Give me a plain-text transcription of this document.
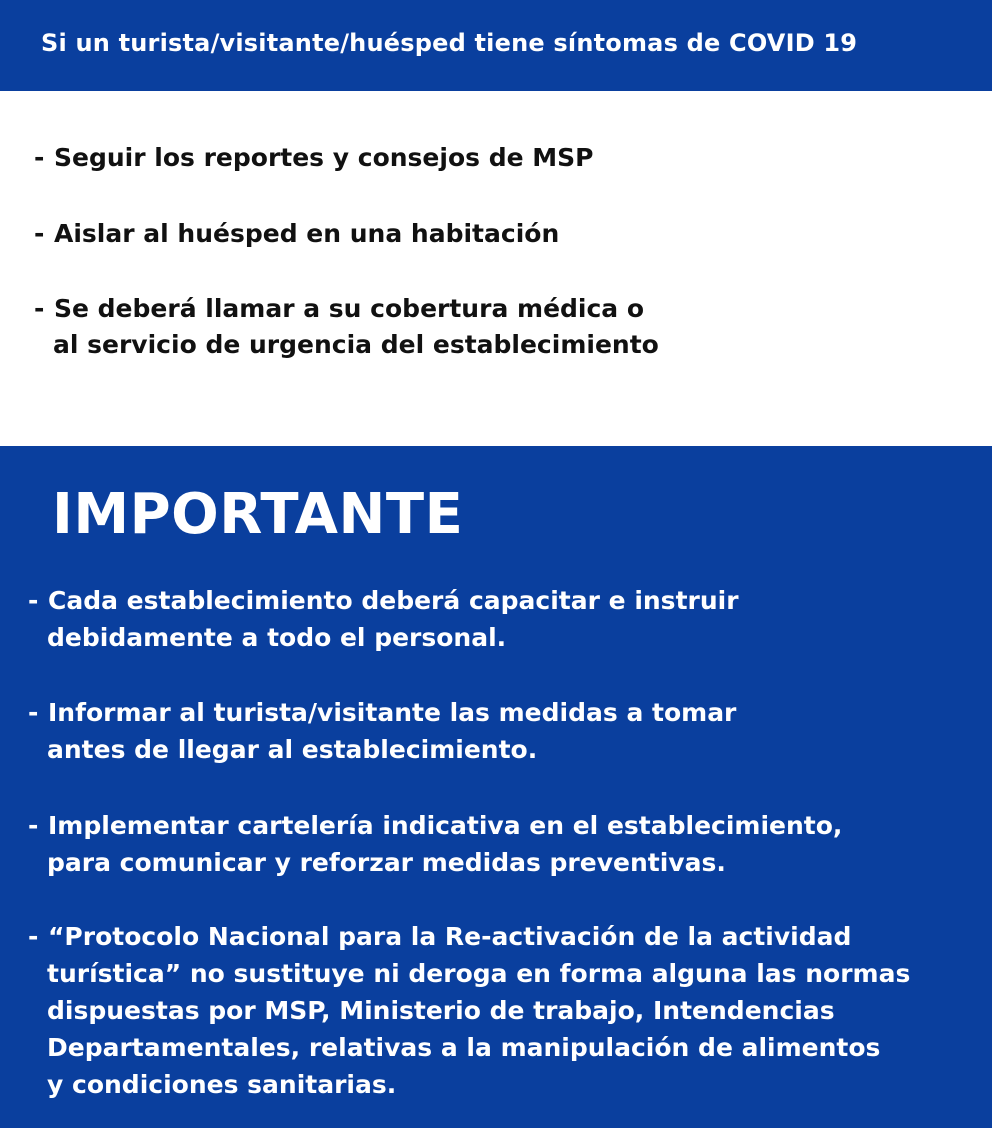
Si un turista/visitante/huésped tiene síntomas de COVID 19
- Seguir los reportes y consejos de MSP
- Aislar al huésped en una habitación
- Se deberá llamar a su cobertura médica o
al servicio de urgencia del establecimiento
IMPORTANTE
- Cada establecimiento deberá capacitar e instruir
debidamente a todo el personal.
- Informar al turista/visitante las medidas a tomar
antes de llegar al establecimiento.
- Implementar cartelería indicativa en el establecimiento,
para comunicar y reforzar medidas preventivas.
- “Protocolo Nacional para la Re-activación de la actividad
turística” no sustituye ni deroga en forma alguna las normas
dispuestas por MSP, Ministerio de trabajo, Intendencias
Departamentales, relativas a la manipulación de alimentos
y condiciones sanitarias.
